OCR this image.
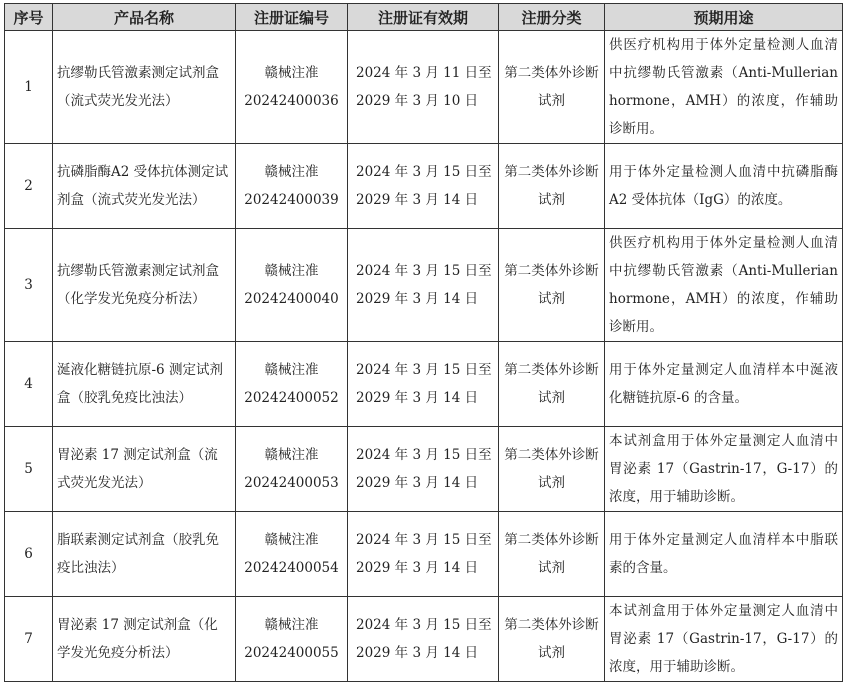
序号	产品名称	注册证编号	注册证有效期	注册分类	预期用途
1	抗缪勒氏管激素测定试剂盒（流式荧光发光法）	赣械注准20242400036	2024 年 3 月 11 日至 2029 年 3 月 10 日	第二类体外诊断试剂	供医疗机构用于体外定量检测人血清中抗缪勒氏管激素（Anti-Mullerian hormone，AMH）的浓度，作辅助诊断用。
2	抗磷脂酶A2 受体抗体测定试剂盒（流式荧光发光法）	赣械注准20242400039	2024 年 3 月 15 日至 2029 年 3 月 14 日	第二类体外诊断试剂	用于体外定量检测人血清中抗磷脂酶A2 受体抗体（IgG）的浓度。
3	抗缪勒氏管激素测定试剂盒（化学发光免疫分析法）	赣械注准20242400040	2024 年 3 月 15 日至 2029 年 3 月 14 日	第二类体外诊断试剂	供医疗机构用于体外定量检测人血清中抗缪勒氏管激素（Anti-Mullerian hormone，AMH）的浓度，作辅助诊断用。
4	涎液化糖链抗原-6 测定试剂盒（胶乳免疫比浊法）	赣械注准20242400052	2024 年 3 月 15 日至 2029 年 3 月 14 日	第二类体外诊断试剂	用于体外定量测定人血清样本中涎液化糖链抗原-6 的含量。
5	胃泌素 17 测定试剂盒（流式荧光发光法）	赣械注准20242400053	2024 年 3 月 15 日至 2029 年 3 月 14 日	第二类体外诊断试剂	本试剂盒用于体外定量测定人血清中胃泌素 17（Gastrin-17，G-17）的浓度，用于辅助诊断。
6	脂联素测定试剂盒（胶乳免疫比浊法）	赣械注准20242400054	2024 年 3 月 15 日至 2029 年 3 月 14 日	第二类体外诊断试剂	用于体外定量测定人血清样本中脂联素的含量。
7	胃泌素 17 测定试剂盒（化学发光免疫分析法）	赣械注准20242400055	2024 年 3 月 15 日至 2029 年 3 月 14 日	第二类体外诊断试剂	本试剂盒用于体外定量测定人血清中胃泌素 17（Gastrin-17，G-17）的浓度，用于辅助诊断。
